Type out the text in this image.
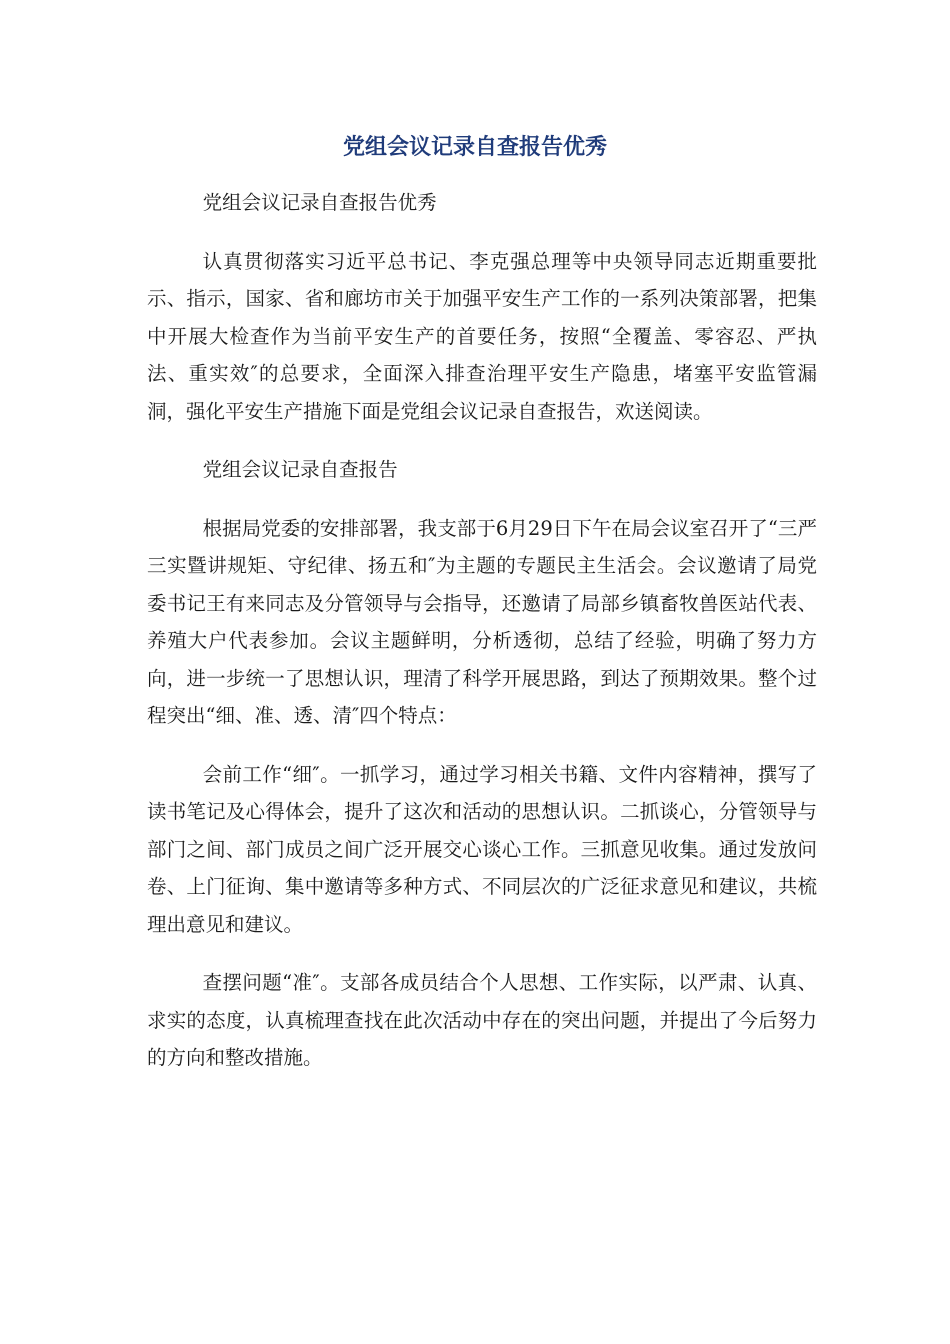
党组会议记录自查报告优秀

党组会议记录自查报告优秀

认真贯彻落实习近平总书记、李克强总理等中央领导同志近期重要批示、指示，国家、省和廊坊市关于加强平安生产工作的一系列决策部署，把集中开展大检查作为当前平安生产的首要任务，按照“全覆盖、零容忍、严执法、重实效″的总要求，全面深入排查治理平安生产隐患，堵塞平安监管漏洞，强化平安生产措施下面是党组会议记录自查报告，欢送阅读。

党组会议记录自查报告

根据局党委的安排部署，我支部于6月29日下午在局会议室召开了“三严三实暨讲规矩、守纪律、扬五和″为主题的专题民主生活会。会议邀请了局党委书记王有来同志及分管领导与会指导，还邀请了局部乡镇畜牧兽医站代表、养殖大户代表参加。会议主题鲜明，分析透彻，总结了经验，明确了努力方向，进一步统一了思想认识，理清了科学开展思路，到达了预期效果。整个过程突出“细、准、透、清″四个特点：

会前工作“细″。一抓学习，通过学习相关书籍、文件内容精神，撰写了读书笔记及心得体会，提升了这次和活动的思想认识。二抓谈心，分管领导与部门之间、部门成员之间广泛开展交心谈心工作。三抓意见收集。通过发放问卷、上门征询、集中邀请等多种方式、不同层次的广泛征求意见和建议，共梳理出意见和建议。

查摆问题“准″。支部各成员结合个人思想、工作实际，以严肃、认真、求实的态度，认真梳理查找在此次活动中存在的突出问题，并提出了今后努力的方向和整改措施。
